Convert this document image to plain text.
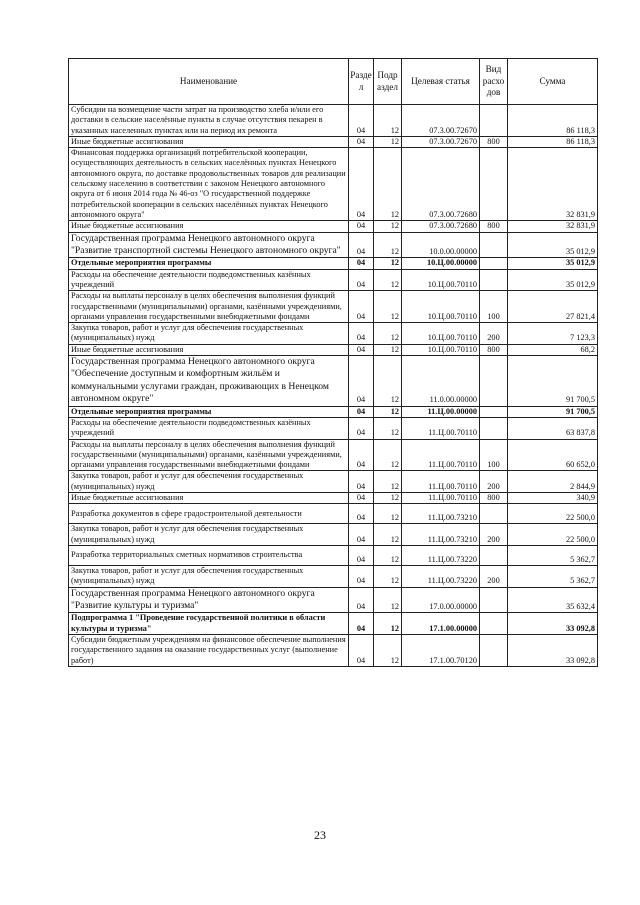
Наименование	Разде л	Подр аздел	Целевая статья	Вид расхо дов	Сумма
Субсидии на возмещение части затрат на производство хлеба и/или его доставки в сельские населённые пункты в случае отсутствия пекарен в указанных населенных пунктах или на период их ремонта	04	12	07.3.00.72670		86 118,3
Иные бюджетные ассигнования	04	12	07.3.00.72670	800	86 118,3
Финансовая поддержка организаций потребительской кооперации, осуществляющих деятельность в сельских населённых пунктах Ненецкого автономного округа, по доставке продовольственных товаров для реализации сельскому населению в соответствии с законом Ненецкого автономного округа от 6 июня 2014 года № 46-оз "О государственной поддержке потребительской кооперации в сельских населённых пунктах Ненецкого автономного округа"	04	12	07.3.00.72680		32 831,9
Иные бюджетные ассигнования	04	12	07.3.00.72680	800	32 831,9
Государственная программа Ненецкого автономного округа "Развитие транспортной системы Ненецкого автономного округа"	04	12	10.0.00.00000		35 012,9
Отдельные мероприятия программы	04	12	10.Ц.00.00000		35 012,9
Расходы на обеспечение деятельности подведомственных казённых учреждений	04	12	10.Ц.00.70110		35 012,9
Расходы на выплаты персоналу в целях обеспечения выполнения функций государственными (муниципальными) органами, казёнными учреждениями, органами управления государственными внебюджетными фондами	04	12	10.Ц.00.70110	100	27 821,4
Закупка товаров, работ и услуг для обеспечения государственных (муниципальных) нужд	04	12	10.Ц.00.70110	200	7 123,3
Иные бюджетные ассигнования	04	12	10.Ц.00.70110	800	68,2
Государственная программа Ненецкого автономного округа "Обеспечение доступным и комфортным жильём и коммунальными услугами граждан, проживающих в Ненецком автономном округе"	04	12	11.0.00.00000		91 700,5
Отдельные мероприятия программы	04	12	11.Ц.00.00000		91 700,5
Расходы на обеспечение деятельности подведомственных казённых учреждений	04	12	11.Ц.00.70110		63 837,8
Расходы на выплаты персоналу в целях обеспечения выполнения функций государственными (муниципальными) органами, казёнными учреждениями, органами управления государственными внебюджетными фондами	04	12	11.Ц.00.70110	100	60 652,0
Закупка товаров, работ и услуг для обеспечения государственных (муниципальных) нужд	04	12	11.Ц.00.70110	200	2 844,9
Иные бюджетные ассигнования	04	12	11.Ц.00.70110	800	340,9
Разработка документов в сфере градостроительной деятельности	04	12	11.Ц.00.73210		22 500,0
Закупка товаров, работ и услуг для обеспечения государственных (муниципальных) нужд	04	12	11.Ц.00.73210	200	22 500,0
Разработка территориальных сметных нормативов строительства	04	12	11.Ц.00.73220		5 362,7
Закупка товаров, работ и услуг для обеспечения государственных (муниципальных) нужд	04	12	11.Ц.00.73220	200	5 362,7
Государственная программа Ненецкого автономного округа "Развитие культуры и туризма"	04	12	17.0.00.00000		35 632,4
Подпрограмма 1 "Проведение государственной политики в области культуры и туризма"	04	12	17.1.00.00000		33 092,8
Субсидии бюджетным учреждениям на финансовое обеспечение выполнения государственного задания на оказание государственных услуг (выполнение работ)	04	12	17.1.00.70120		33 092,8
23
